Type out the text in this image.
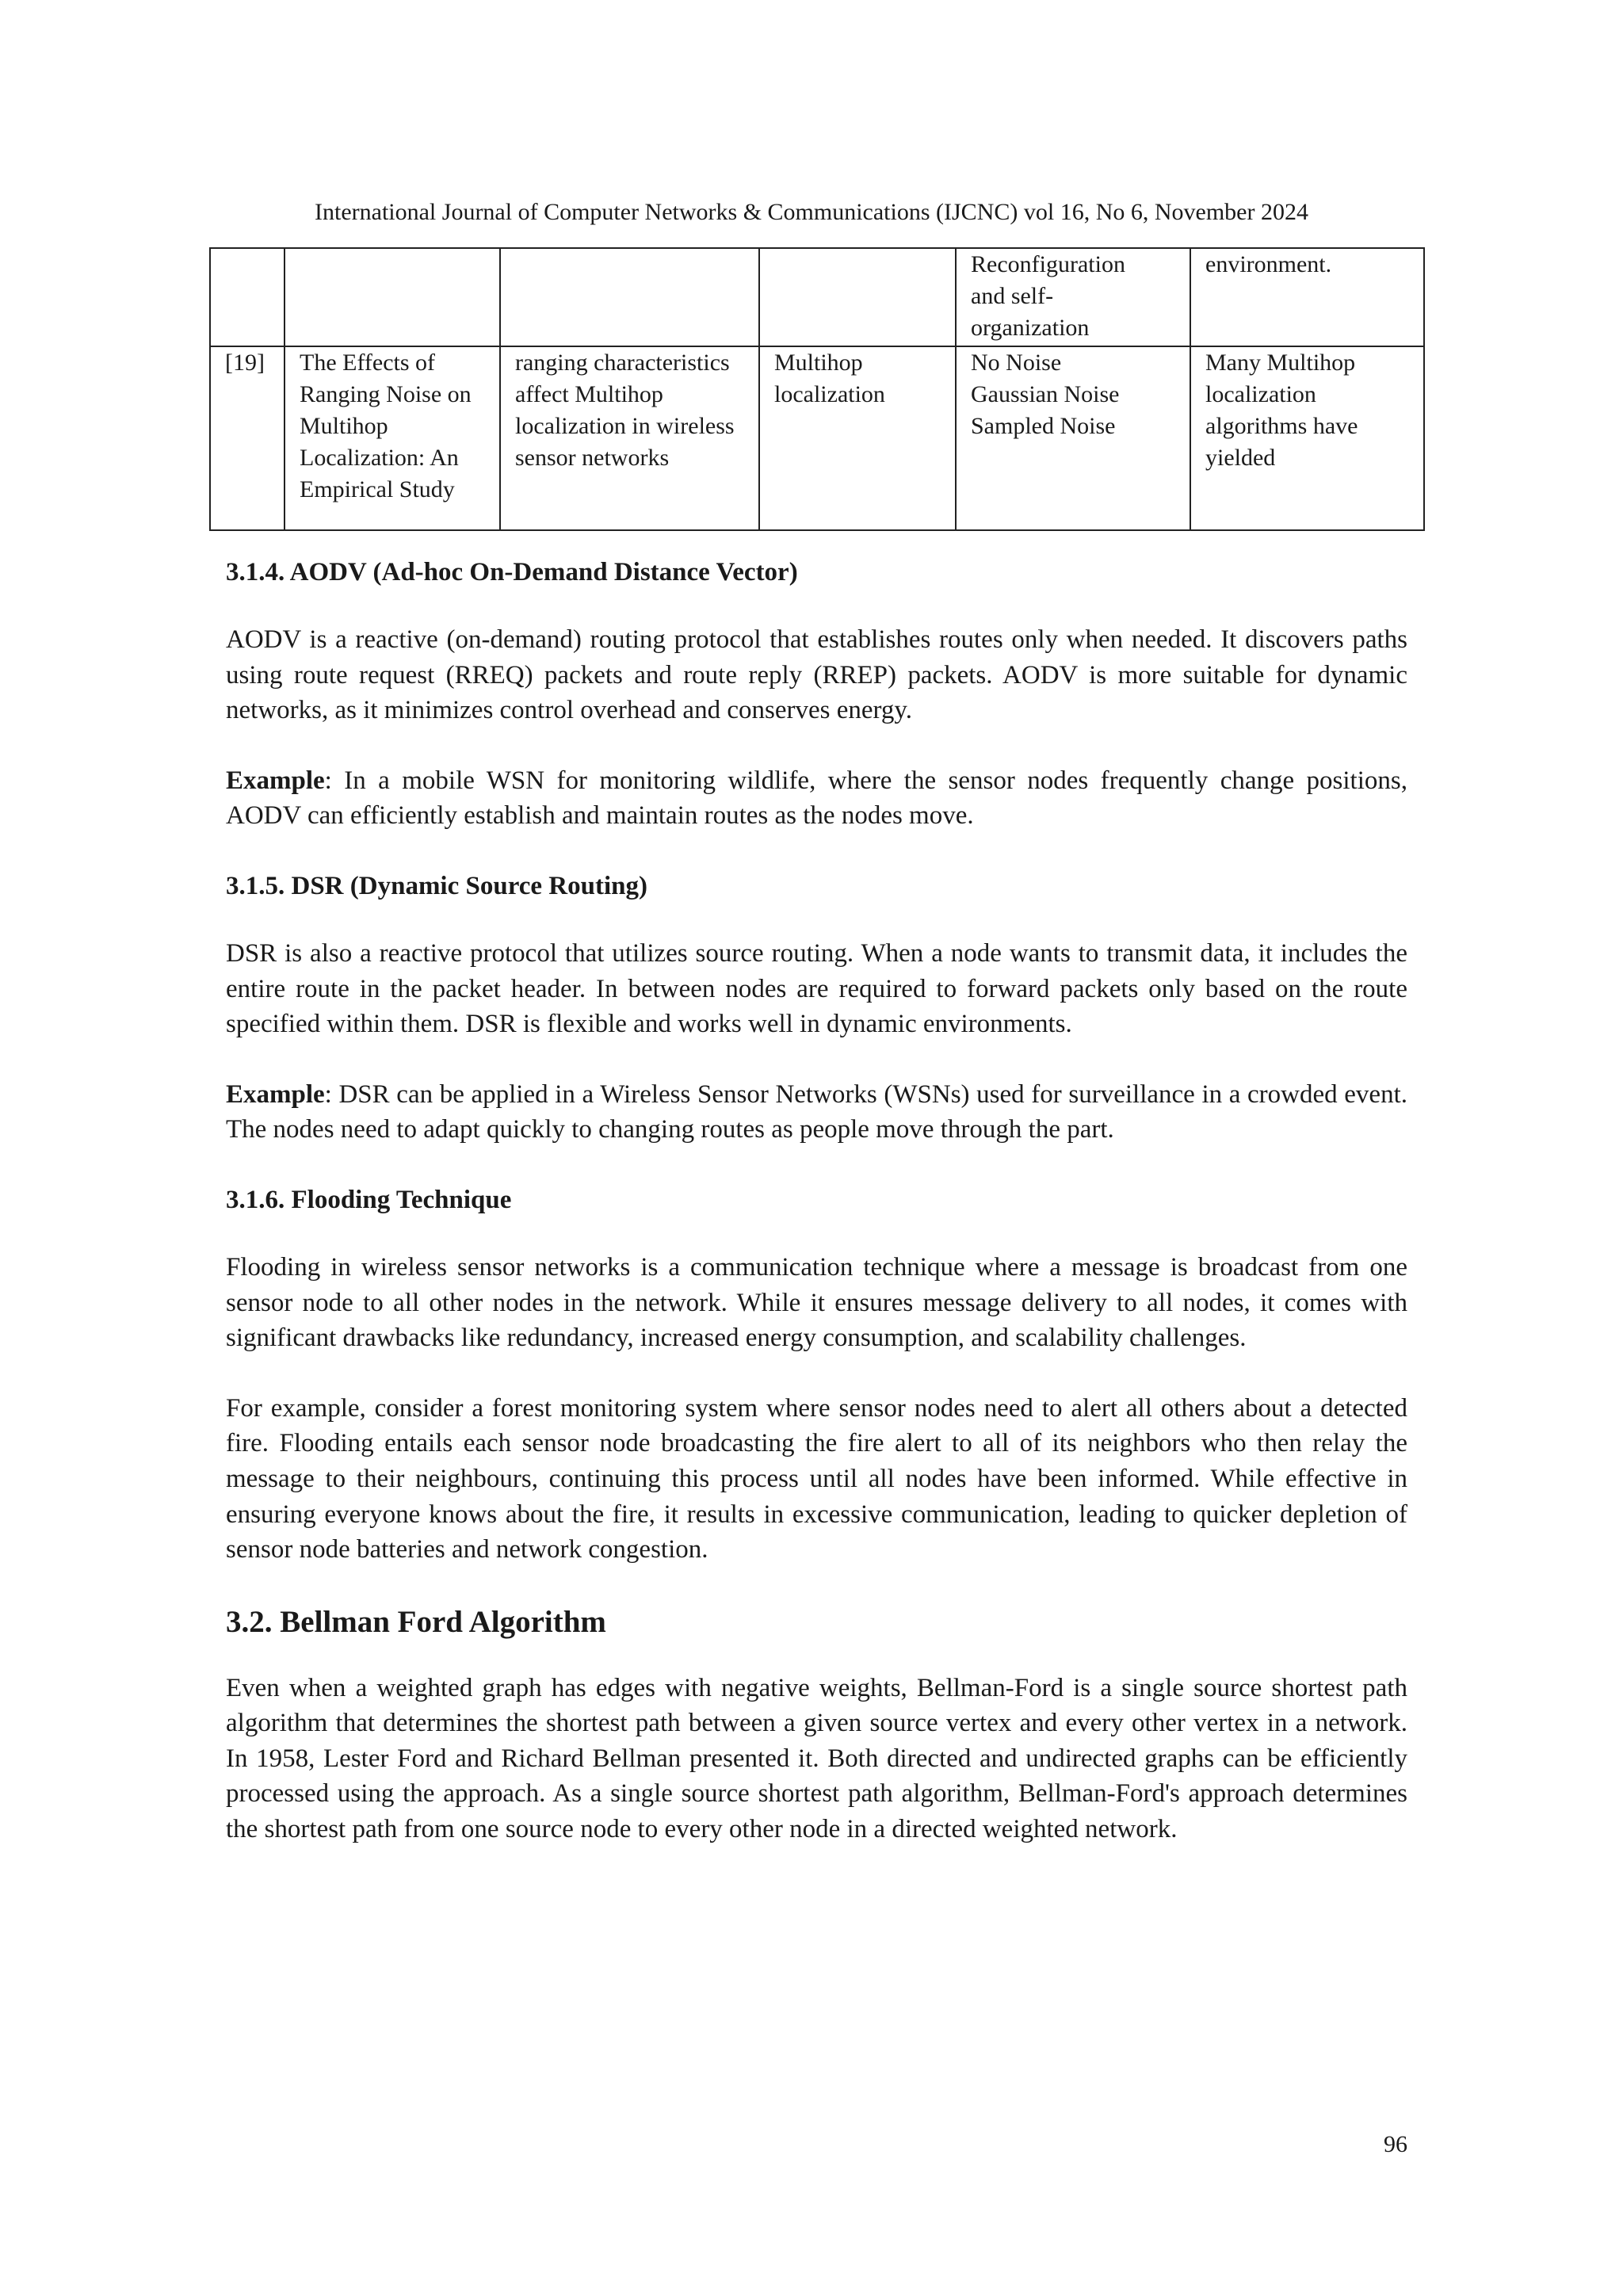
International Journal of Computer Networks & Communications (IJCNC) vol 16, No 6, November 2024

				Reconfiguration
and self-
organization	environment.
[19]	The Effects of Ranging Noise on Multihop Localization: An Empirical Study	ranging characteristics affect Multihop localization in wireless sensor networks	Multihop localization	No Noise
Gaussian Noise
Sampled Noise	Many Multihop localization algorithms have yielded
3.1.4. AODV (Ad-hoc On-Demand Distance Vector)

AODV is a reactive (on-demand) routing protocol that establishes routes only when needed. It discovers paths using route request (RREQ) packets and route reply (RREP) packets. AODV is more suitable for dynamic networks, as it minimizes control overhead and conserves energy.

Example: In a mobile WSN for monitoring wildlife, where the sensor nodes frequently change positions, AODV can efficiently establish and maintain routes as the nodes move.

3.1.5. DSR (Dynamic Source Routing)

DSR is also a reactive protocol that utilizes source routing. When a node wants to transmit data, it includes the entire route in the packet header. In between nodes are required to forward packets only based on the route specified within them. DSR is flexible and works well in dynamic environments.

Example: DSR can be applied in a Wireless Sensor Networks (WSNs) used for surveillance in a crowded event. The nodes need to adapt quickly to changing routes as people move through the part.

3.1.6. Flooding Technique

Flooding in wireless sensor networks is a communication technique where a message is broadcast from one sensor node to all other nodes in the network. While it ensures message delivery to all nodes, it comes with significant drawbacks like redundancy, increased energy consumption, and scalability challenges.

For example, consider a forest monitoring system where sensor nodes need to alert all others about a detected fire. Flooding entails each sensor node broadcasting the fire alert to all of its neighbors who then relay the message to their neighbours, continuing this process until all nodes have been informed. While effective in ensuring everyone knows about the fire, it results in excessive communication, leading to quicker depletion of sensor node batteries and network congestion.

3.2. Bellman Ford Algorithm

Even when a weighted graph has edges with negative weights, Bellman-Ford is a single source shortest path algorithm that determines the shortest path between a given source vertex and every other vertex in a network. In 1958, Lester Ford and Richard Bellman presented it. Both directed and undirected graphs can be efficiently processed using the approach. As a single source shortest path algorithm, Bellman-Ford's approach determines the shortest path from one source node to every other node in a directed weighted network.

96
